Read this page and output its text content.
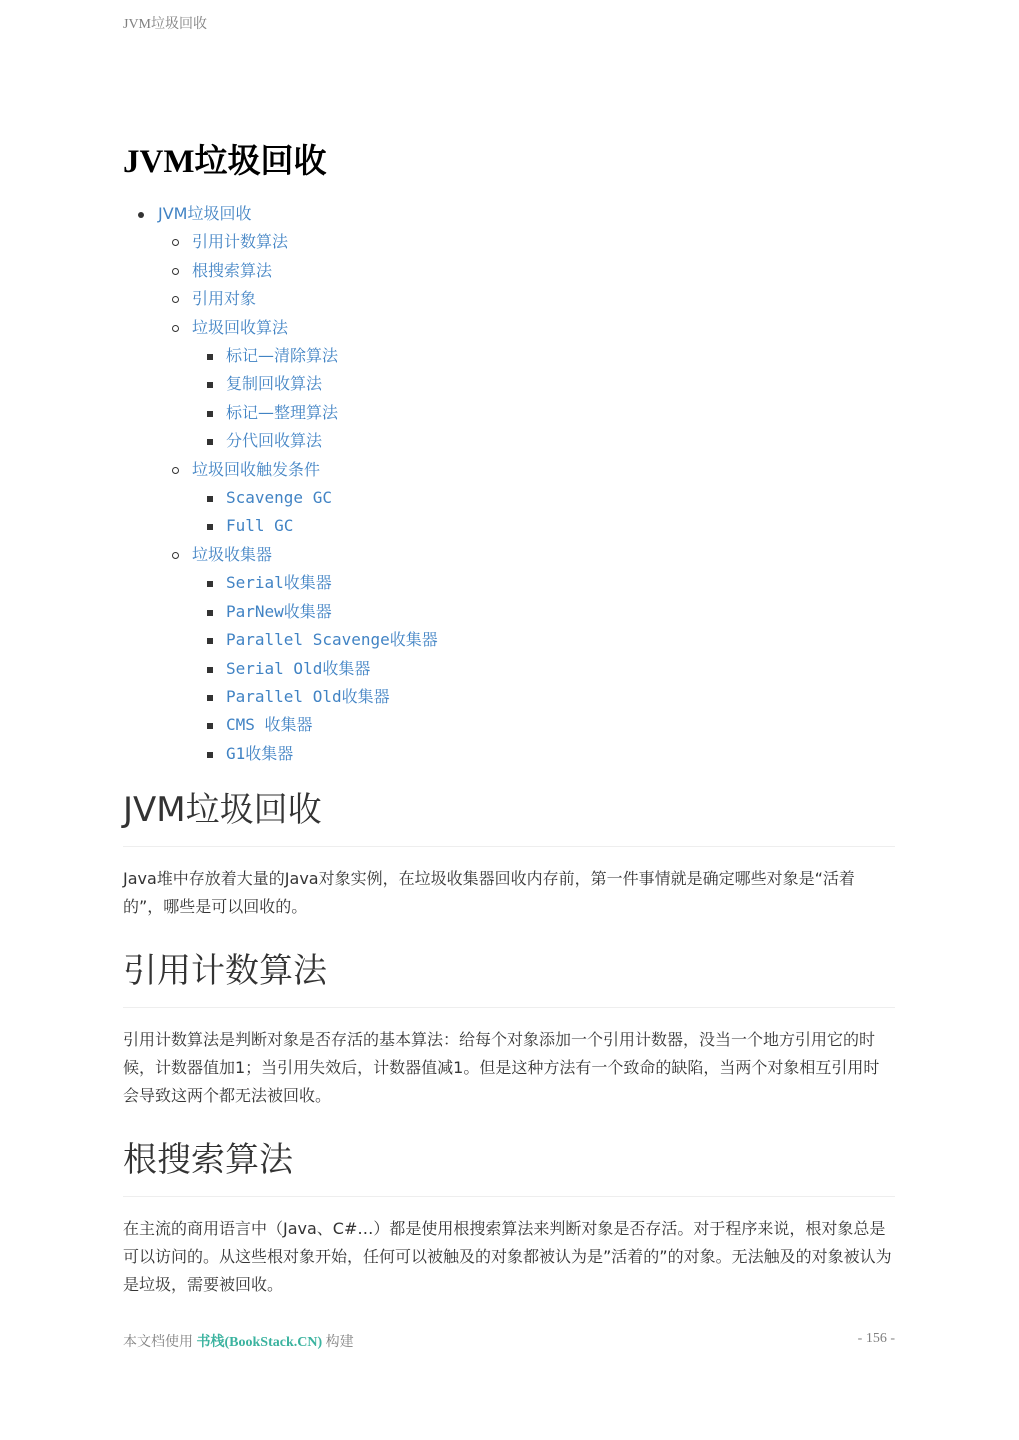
JVM垃圾回收
JVM垃圾回收
JVM垃圾回收
引用计数算法
根搜索算法
引用对象
垃圾回收算法
标记—清除算法
复制回收算法
标记—整理算法
分代回收算法
垃圾回收触发条件
Scavenge GC
Full GC
垃圾收集器
Serial收集器
ParNew收集器
Parallel Scavenge收集器
Serial Old收集器
Parallel Old收集器
CMS 收集器
G1收集器
JVM垃圾回收

Java堆中存放着大量的Java对象实例，在垃圾收集器回收内存前，第一件事情就是确定哪些对象是“活着的”，哪些是可以回收的。

引用计数算法

引用计数算法是判断对象是否存活的基本算法：给每个对象添加一个引用计数器，没当一个地方引用它的时候，计数器值加1；当引用失效后，计数器值减1。但是这种方法有一个致命的缺陷，当两个对象相互引用时会导致这两个都无法被回收。

根搜索算法

在主流的商用语言中（Java、C#…）都是使用根搜索算法来判断对象是否存活。对于程序来说，根对象总是可以访问的。从这些根对象开始，任何可以被触及的对象都被认为是”活着的”的对象。无法触及的对象被认为是垃圾，需要被回收。

本文档使用 书栈(BookStack.CN) 构建	- 156 -
